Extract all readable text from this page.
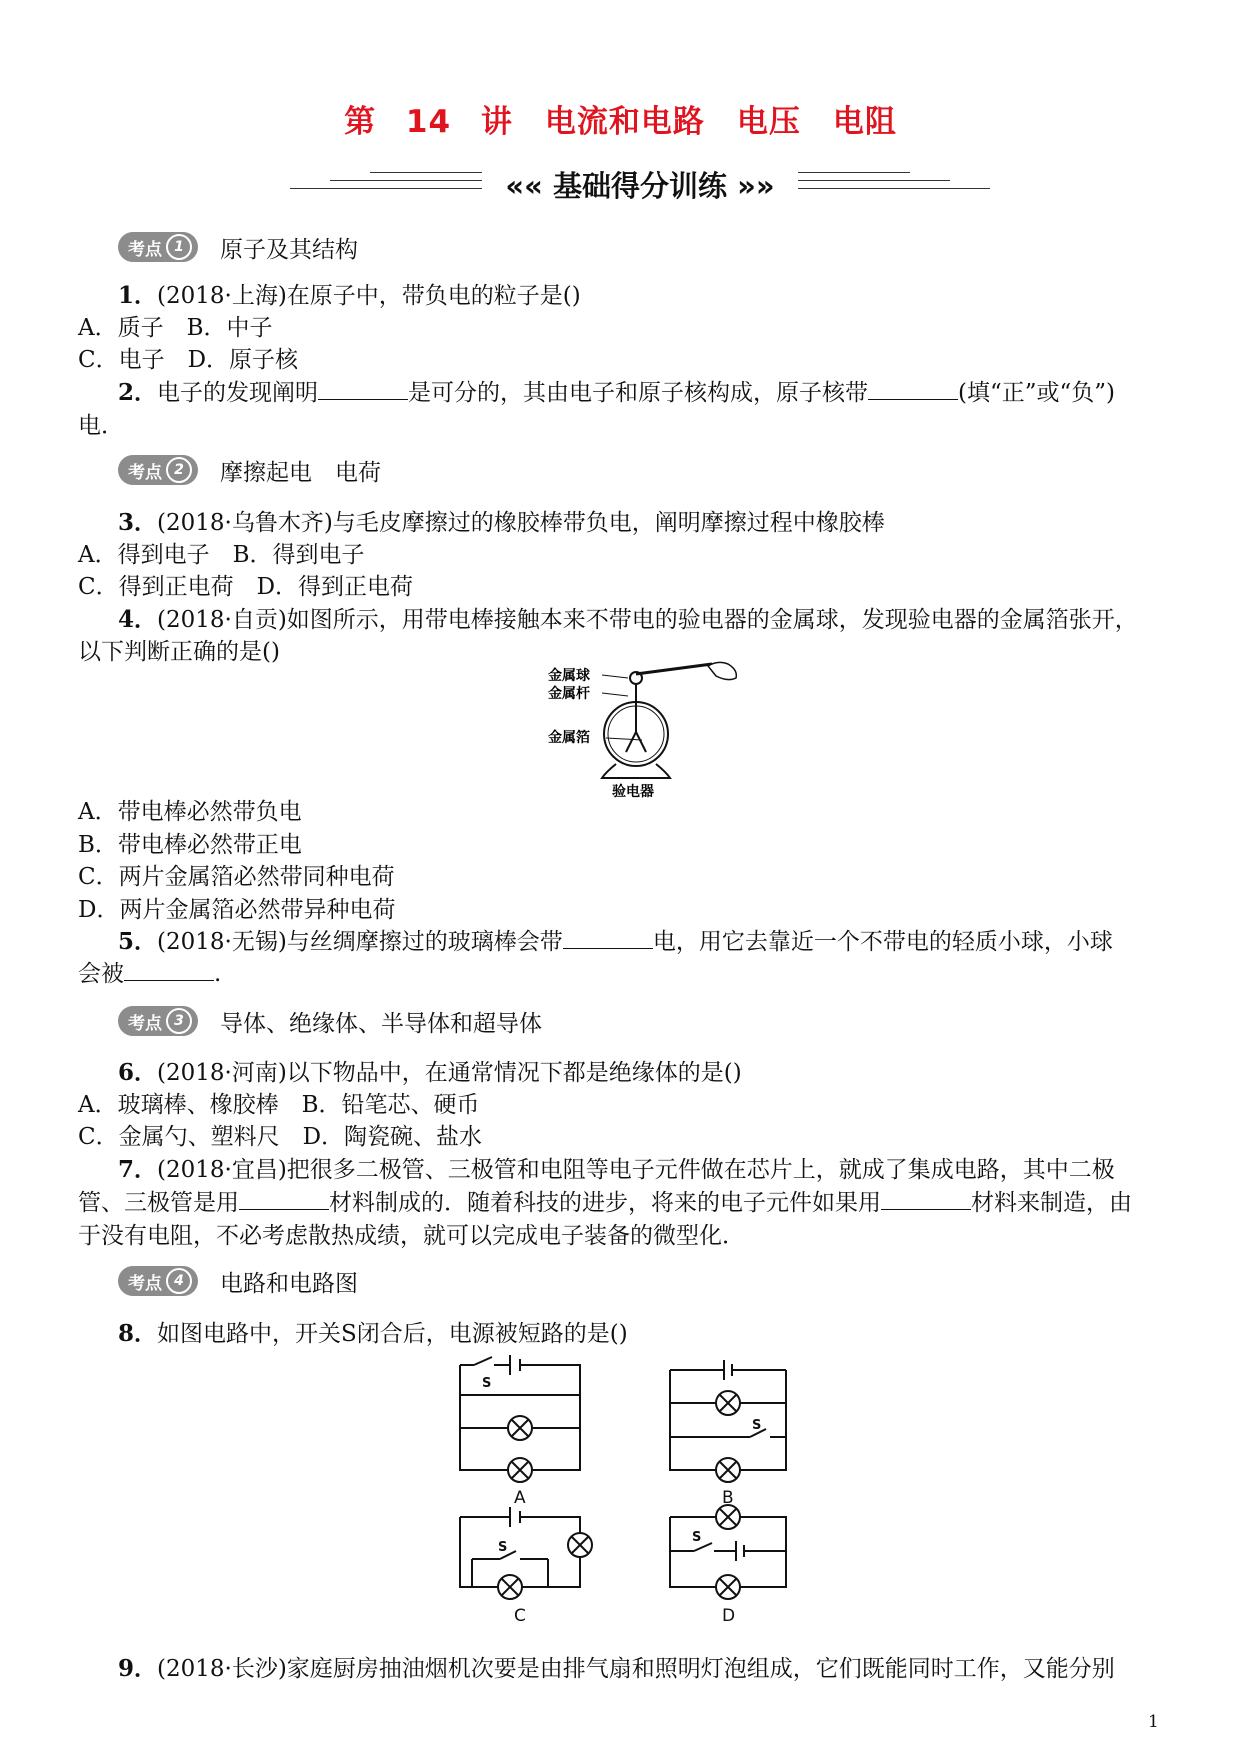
第 14 讲　电流和电路　电压　电阻
«« 基础得分训练 »»
考点 1	原子及其结构
1．(2018·上海)在原子中，带负电的粒子是()
A．质子　B．中子
C．电子　D．原子核
2．电子的发现阐明	是可分的，其由电子和原子核构成，原子核带	(填“正”或“负”)
电．
考点 2	摩擦起电　电荷
3．(2018·乌鲁木齐)与毛皮摩擦过的橡胶棒带负电，阐明摩擦过程中橡胶棒
A．得到电子　B．得到电子
C．得到正电荷　D．得到正电荷
4．(2018·自贡)如图所示，用带电棒接触本来不带电的验电器的金属球，发现验电器的金属箔张开，
以下判断正确的是()
金属球
金属杆
金属箔
验电器
A．带电棒必然带负电
B．带电棒必然带正电
C．两片金属箔必然带同种电荷
D．两片金属箔必然带异种电荷
5．(2018·无锡)与丝绸摩擦过的玻璃棒会带	电，用它去靠近一个不带电的轻质小球，小球
会被	.
考点 3	导体、绝缘体、半导体和超导体
6．(2018·河南)以下物品中，在通常情况下都是绝缘体的是()
A．玻璃棒、橡胶棒　B．铅笔芯、硬币
C．金属勺、塑料尺　D．陶瓷碗、盐水
7．(2018·宜昌)把很多二极管、三极管和电阻等电子元件做在芯片上，就成了集成电路，其中二极
管、三极管是用	材料制成的．随着科技的进步，将来的电子元件如果用	材料来制造，由
于没有电阻，不必考虑散热成绩，就可以完成电子装备的微型化．
考点 4	电路和电路图
8．如图电路中，开关S闭合后，电源被短路的是()
S
S
S
S
A	B
C	D
9．(2018·长沙)家庭厨房抽油烟机次要是由排气扇和照明灯泡组成，它们既能同时工作，又能分别
1
